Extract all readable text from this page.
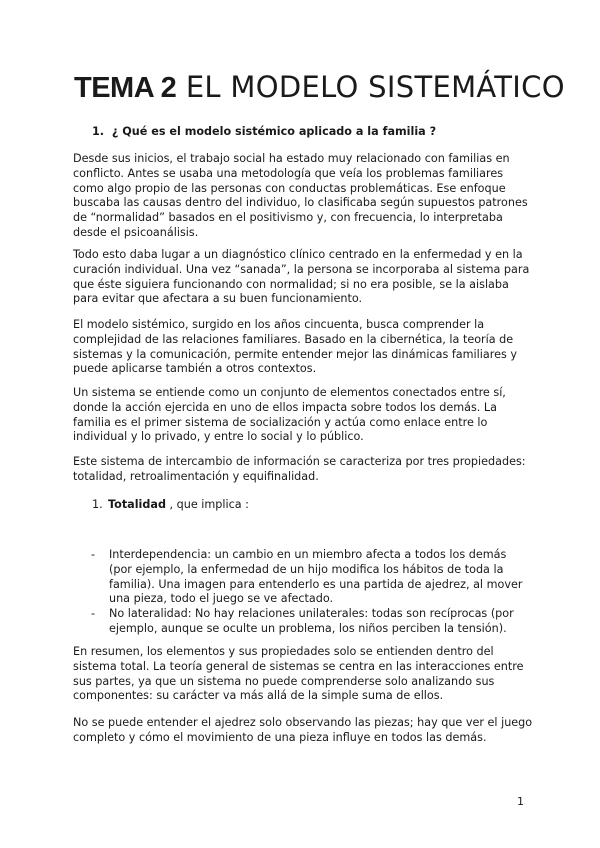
TEMA 2 EL MODELO SISTEMÁTICO
1. ¿ Qué es el modelo sistémico aplicado a la familia ?

Desde sus inicios, el trabajo social ha estado muy relacionado con familias en conflicto. Antes se usaba una metodología que veía los problemas familiares como algo propio de las personas con conductas problemáticas. Ese enfoque buscaba las causas dentro del individuo, lo clasificaba según supuestos patrones de “normalidad” basados en el positivismo y, con frecuencia, lo interpretaba desde el psicoanálisis.

Todo esto daba lugar a un diagnóstico clínico centrado en la enfermedad y en la curación individual. Una vez “sanada”, la persona se incorporaba al sistema para que éste siguiera funcionando con normalidad; si no era posible, se la aislaba para evitar que afectara a su buen funcionamiento.

El modelo sistémico, surgido en los años cincuenta, busca comprender la complejidad de las relaciones familiares. Basado en la cibernética, la teoría de sistemas y la comunicación, permite entender mejor las dinámicas familiares y puede aplicarse también a otros contextos.

Un sistema se entiende como un conjunto de elementos conectados entre sí, donde la acción ejercida en uno de ellos impacta sobre todos los demás. La familia es el primer sistema de socialización y actúa como enlace entre lo individual y lo privado, y entre lo social y lo público.

Este sistema de intercambio de información se caracteriza por tres propiedades: totalidad, retroalimentación y equifinalidad.

1. Totalidad , que implica :
- Interdependencia: un cambio en un miembro afecta a todos los demás (por ejemplo, la enfermedad de un hijo modifica los hábitos de toda la familia). Una imagen para entenderlo es una partida de ajedrez, al mover una pieza, todo el juego se ve afectado.
- No lateralidad: No hay relaciones unilaterales: todas son recíprocas (por ejemplo, aunque se oculte un problema, los niños perciben la tensión).

En resumen, los elementos y sus propiedades solo se entienden dentro del sistema total. La teoría general de sistemas se centra en las interacciones entre sus partes, ya que un sistema no puede comprenderse solo analizando sus componentes: su carácter va más allá de la simple suma de ellos.

No se puede entender el ajedrez solo observando las piezas; hay que ver el juego completo y cómo el movimiento de una pieza influye en todos las demás.

1
